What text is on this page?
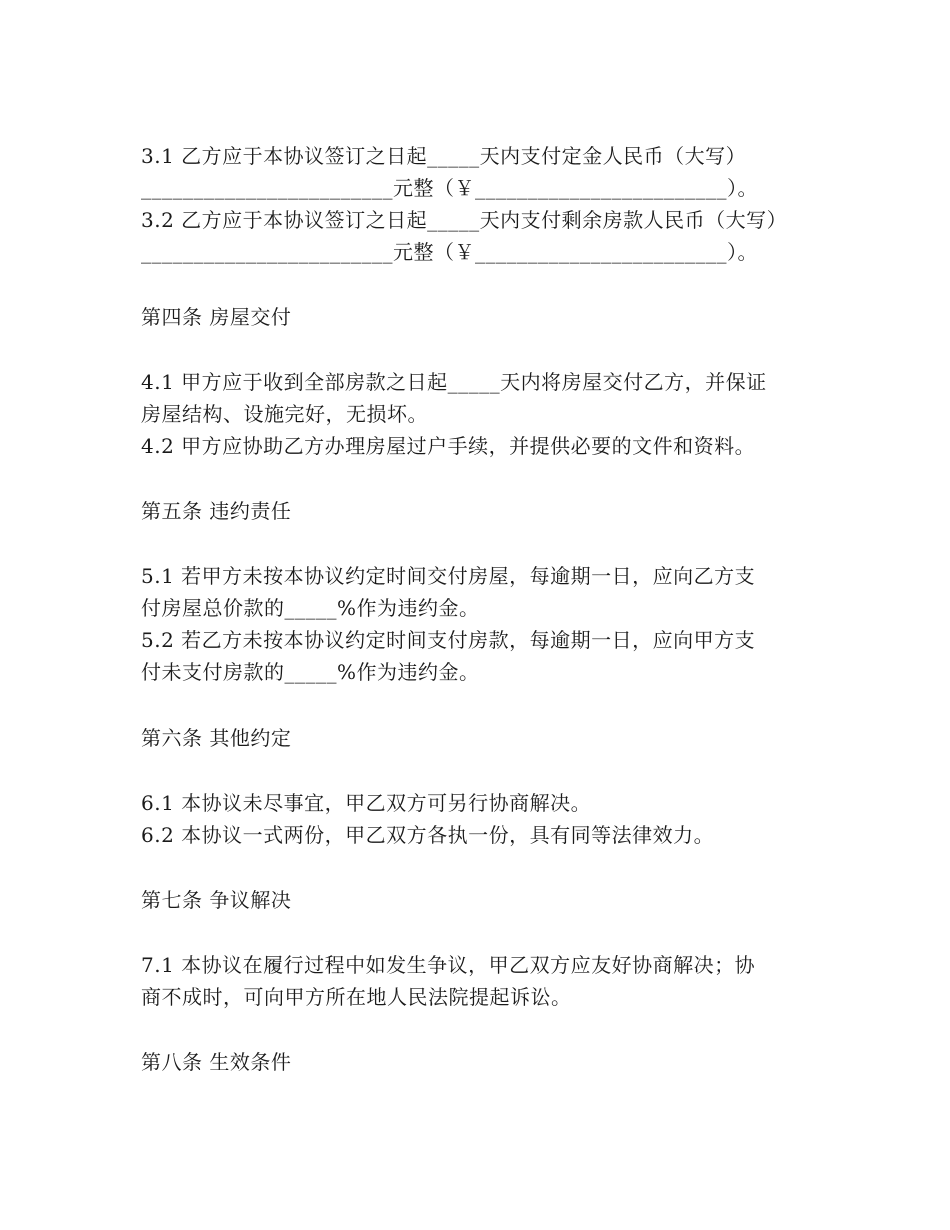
3.1 乙方应于本协议签订之日起_____天内支付定金人民币（大写）
________________________元整（￥________________________）。
3.2 乙方应于本协议签订之日起_____天内支付剩余房款人民币（大写）
________________________元整（￥________________________）。
第四条 房屋交付
4.1 甲方应于收到全部房款之日起_____天内将房屋交付乙方，并保证
房屋结构、设施完好，无损坏。
4.2 甲方应协助乙方办理房屋过户手续，并提供必要的文件和资料。
第五条 违约责任
5.1 若甲方未按本协议约定时间交付房屋，每逾期一日，应向乙方支
付房屋总价款的_____%作为违约金。
5.2 若乙方未按本协议约定时间支付房款，每逾期一日，应向甲方支
付未支付房款的_____%作为违约金。
第六条 其他约定
6.1 本协议未尽事宜，甲乙双方可另行协商解决。
6.2 本协议一式两份，甲乙双方各执一份，具有同等法律效力。
第七条 争议解决
7.1 本协议在履行过程中如发生争议，甲乙双方应友好协商解决；协
商不成时，可向甲方所在地人民法院提起诉讼。
第八条 生效条件
